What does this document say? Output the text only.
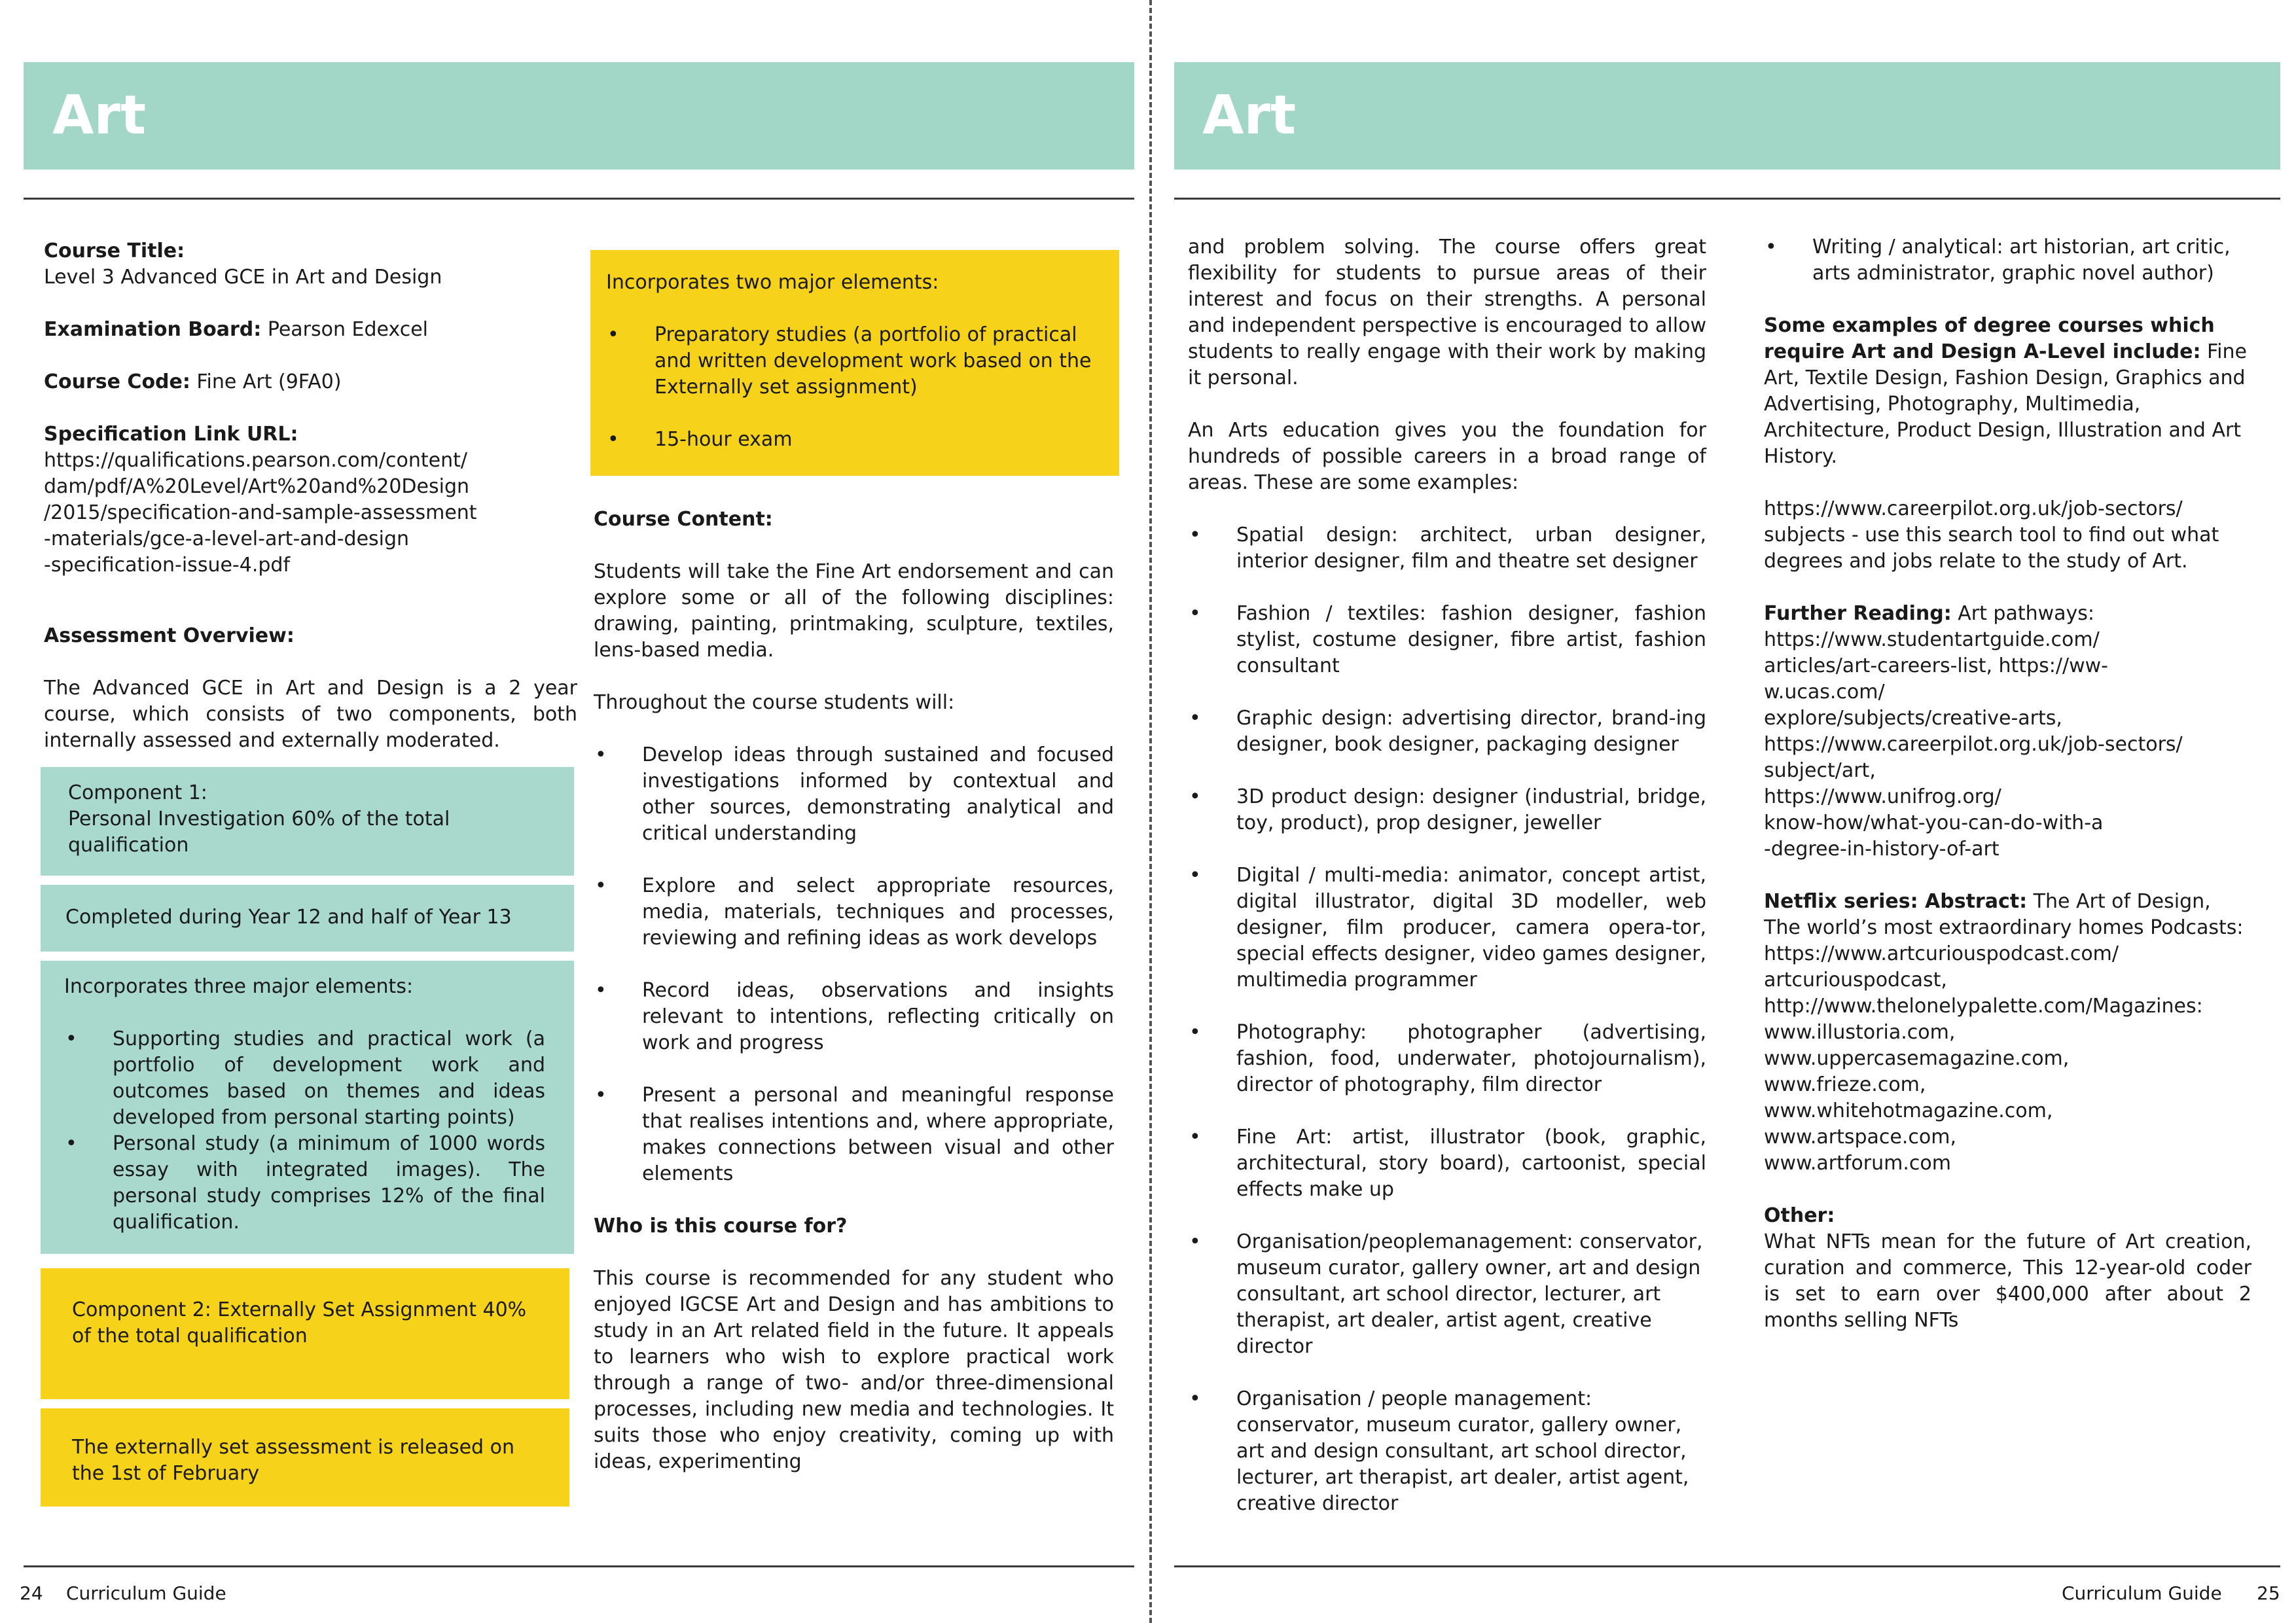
Art
Course Title: Level 3 Advanced GCE in Art and Design
Examination Board: Pearson Edexcel
Course Code: Fine Art (9FA0)
Specification Link URL:
https://qualifications.pearson.com/content/
dam/pdf/A%20Level/Art%20and%20Design
/2015/specification-and-sample-assessment
-materials/gce-a-level-art-and-design
-specification-issue-4.pdf
Assessment Overview:
The Advanced GCE in Art and Design is a 2 year course, which consists of two components, both internally assessed and externally moderated.
Component 1:
Personal Investigation 60% of the total qualification
Completed during Year 12 and half of Year 13
Incorporates three major elements:
• Supporting studies and practical work (a portfolio of development work and outcomes based on themes and ideas developed from personal starting points)
• Personal study (a minimum of 1000 words essay with integrated images). The personal study comprises 12% of the final qualification.
Component 2: Externally Set Assignment 40% of the total qualification
The externally set assessment is released on the 1st of February
Incorporates two major elements:
• Preparatory studies (a portfolio of practical and written development work based on the Externally set assignment)
• 15-hour exam
Course Content:
Students will take the Fine Art endorsement and can explore some or all of the following disciplines: drawing, painting, printmaking, sculpture, textiles, lens-based media.
Throughout the course students will:
• Develop ideas through sustained and focused investigations informed by contextual and other sources, demonstrating analytical and critical understanding
• Explore and select appropriate resources, media, materials, techniques and processes, reviewing and refining ideas as work develops
• Record ideas, observations and insights relevant to intentions, reflecting critically on work and progress
• Present a personal and meaningful response that realises intentions and, where appropriate, makes connections between visual and other elements
Who is this course for?
This course is recommended for any student who enjoyed IGCSE Art and Design and has ambitions to study in an Art related field in the future. It appeals to learners who wish to explore practical work through a range of two- and/or three-dimensional processes, including new media and technologies. It suits those who enjoy creativity, coming up with ideas, experimenting
24 Curriculum Guide
Art
and problem solving. The course offers great flexibility for students to pursue areas of their interest and focus on their strengths. A personal and independent perspective is encouraged to allow students to really engage with their work by making it personal.
An Arts education gives you the foundation for hundreds of possible careers in a broad range of areas. These are some examples:
• Spatial design: architect, urban designer, interior designer, film and theatre set designer
• Fashion / textiles: fashion designer, fashion stylist, costume designer, fibre artist, fashion consultant
• Graphic design: advertising director, brand-ing designer, book designer, packaging designer
• 3D product design: designer (industrial, bridge, toy, product), prop designer, jeweller
• Digital / multi-media: animator, concept artist, digital illustrator, digital 3D modeller, web designer, film producer, camera opera-tor, special effects designer, video games designer, multimedia programmer
• Photography: photographer (advertising, fashion, food, underwater, photojournalism), director of photography, film director
• Fine Art: artist, illustrator (book, graphic, architectural, story board), cartoonist, special effects make up
• Organisation/peoplemanagement: conservator, museum curator, gallery owner, art and design consultant, art school director, lecturer, art therapist, art dealer, artist agent, creative director
• Organisation / people management: conservator, museum curator, gallery owner, art and design consultant, art school director, lecturer, art therapist, art dealer, artist agent, creative director
• Writing / analytical: art historian, art critic, arts administrator, graphic novel author)
Some examples of degree courses which require Art and Design A-Level include: Fine Art, Textile Design, Fashion Design, Graphics and Advertising, Photography, Multimedia, Architecture, Product Design, Illustration and Art History.
https://www.careerpilot.org.uk/job-sectors/ subjects - use this search tool to find out what degrees and jobs relate to the study of Art.
Further Reading: Art pathways:
https://www.studentartguide.com/
articles/art-careers-list, https://ww-
w.ucas.com/
explore/subjects/creative-arts,
https://www.careerpilot.org.uk/job-sectors/
subject/art,
https://www.unifrog.org/
know-how/what-you-can-do-with-a
-degree-in-history-of-art
Netflix series: Abstract: The Art of Design, The world’s most extraordinary homes Podcasts:
https://www.artcuriouspodcast.com/
artcuriouspodcast,
http://www.thelonelypalette.com/Magazines:
www.illustoria.com,
www.uppercasemagazine.com,
www.frieze.com,
www.whitehotmagazine.com,
www.artspace.com,
www.artforum.com
Other:

What NFTs mean for the future of Art creation, curation and commerce, This 12-year-old coder is set to earn over $400,000 after about 2 months selling NFTs
Curriculum Guide 25
